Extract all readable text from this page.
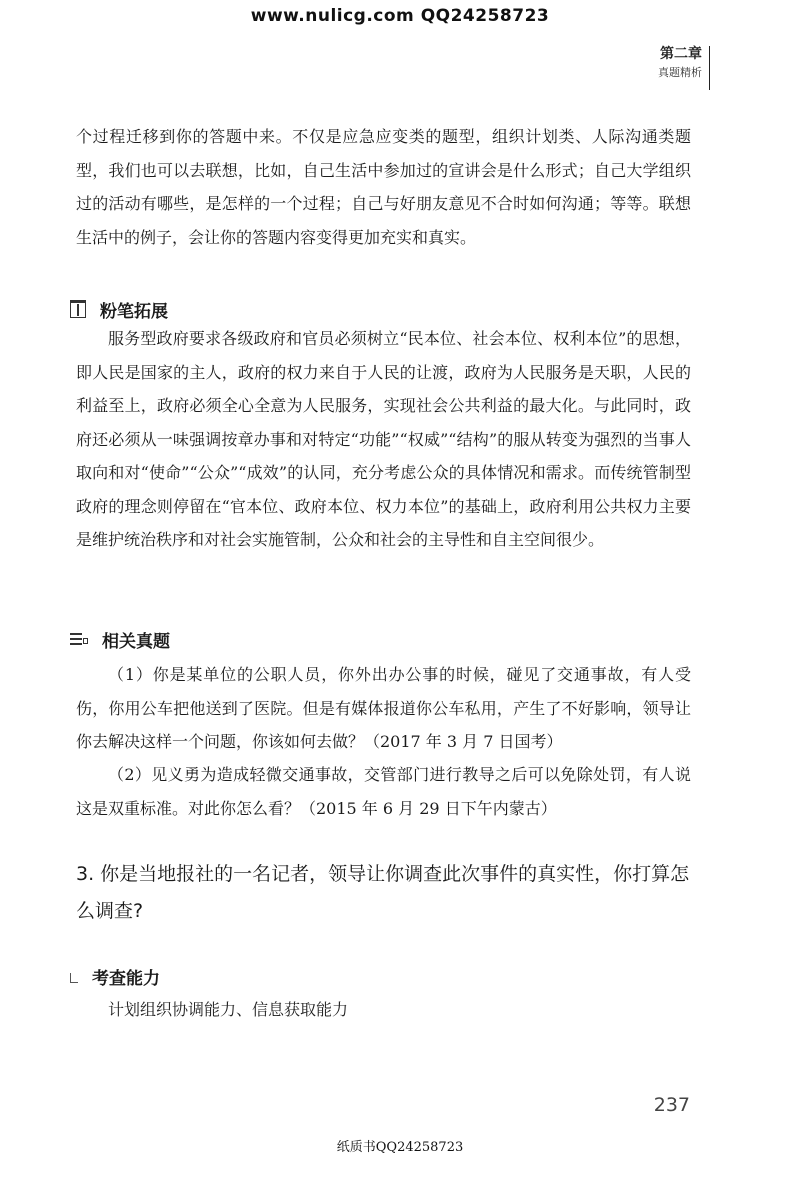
www.nulicg.com QQ24258723
第二章
真题精析
个过程迁移到你的答题中来。不仅是应急应变类的题型，组织计划类、人际沟通类题型，我们也可以去联想，比如，自己生活中参加过的宣讲会是什么形式；自己大学组织过的活动有哪些，是怎样的一个过程；自己与好朋友意见不合时如何沟通；等等。联想生活中的例子，会让你的答题内容变得更加充实和真实。
粉笔拓展
服务型政府要求各级政府和官员必须树立“民本位、社会本位、权利本位”的思想，即人民是国家的主人，政府的权力来自于人民的让渡，政府为人民服务是天职，人民的利益至上，政府必须全心全意为人民服务，实现社会公共利益的最大化。与此同时，政府还必须从一味强调按章办事和对特定“功能”“权威”“结构”的服从转变为强烈的当事人取向和对“使命”“公众”“成效”的认同，充分考虑公众的具体情况和需求。而传统管制型政府的理念则停留在“官本位、政府本位、权力本位”的基础上，政府利用公共权力主要是维护统治秩序和对社会实施管制，公众和社会的主导性和自主空间很少。
相关真题
（1）你是某单位的公职人员，你外出办公事的时候，碰见了交通事故，有人受伤，你用公车把他送到了医院。但是有媒体报道你公车私用，产生了不好影响，领导让你去解决这样一个问题，你该如何去做？（2017 年 3 月 7 日国考）
（2）见义勇为造成轻微交通事故，交管部门进行教导之后可以免除处罚，有人说这是双重标准。对此你怎么看？（2015 年 6 月 29 日下午内蒙古）
3. 你是当地报社的一名记者，领导让你调查此次事件的真实性，你打算怎么调查?
考查能力
计划组织协调能力、信息获取能力
237
纸质书QQ24258723
